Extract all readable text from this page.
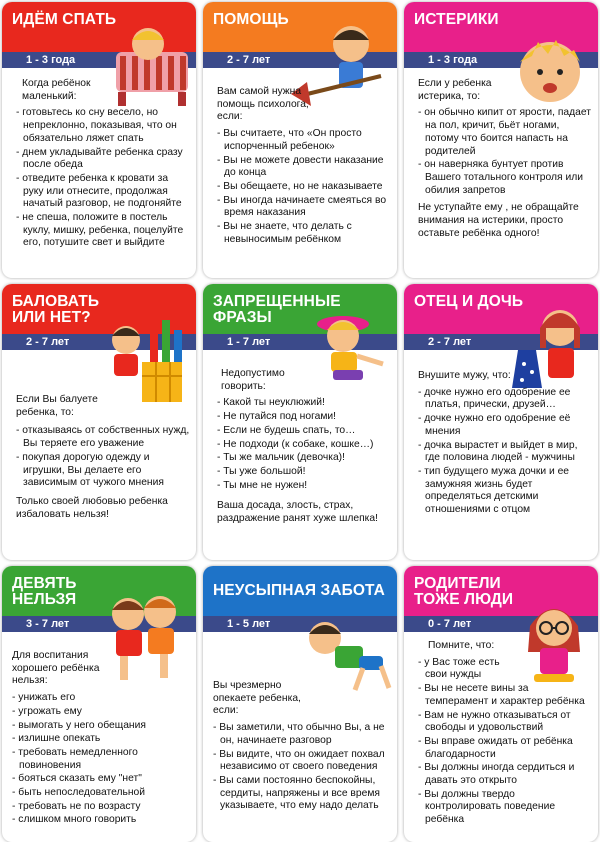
ИДЁМ СПАТЬ
1 - 3 года

Когда ребёнок маленький:

- готовьтесь ко сну весело, но непреклонно, показывая, что он обязательно ляжет спать
- днем укладывайте ребенка сразу после обеда
- отведите ребенка к кровати за руку или отнесите, продолжая начатый разговор, не подгоняйте
- не спеша, положите в постель куклу, мишку, ребенка, поцелуйте его, потушите свет и выйдите
ПОМОЩЬ
2 - 7 лет

Вам самой нужна помощь психолога, если:

- Вы считаете, что «Он просто испорченный ребенок»
- Вы не можете довести наказание до конца
- Вы обещаете, но не наказываете
- Вы иногда начинаете смеяться во время наказания
- Вы не знаете, что делать с невыносимым ребёнком
ИСТЕРИКИ
1 - 3 года

Если у ребенка истерика, то:

- он обычно кипит от ярости, падает на пол, кричит, бьёт ногами, потому что боится напасть на родителей
- он наверняка бунтует против Вашего тотального контроля или обилия запретов

Не уступайте ему , не обращайте внимания на истерики, просто оставьте ребёнка одного!

БАЛОВАТЬ ИЛИ НЕТ?
2 - 7 лет

Если Вы балуете ребенка, то:

- отказываясь от собственных нужд, Вы теряете его уважение
- покупая дорогую одежду и игрушки, Вы делаете его зависимым от чужого мнения

Только своей любовью ребенка избаловать нельзя!

ЗАПРЕЩЕННЫЕ ФРАЗЫ
1 - 7 лет

Недопустимо говорить:

- Какой ты неуклюжий!
- Не путайся под ногами!
- Если не будешь спать, то…
- Не подходи (к собаке, кошке…)
- Ты же мальчик (девочка)!
- Ты уже большой!
- Ты мне не нужен!

Ваша досада, злость, страх, раздражение ранят хуже шлепка!

ОТЕЦ И ДОЧЬ
2 - 7 лет

Внушите мужу, что:

- дочке нужно его одобрение ее платья, прически, друзей…
- дочке нужно его одобрение её мнения
- дочка вырастет и выйдет в мир, где половина людей - мужчины
- тип будущего мужа дочки и ее замужняя жизнь будет определяться детскими отношениями с отцом
ДЕВЯТЬ НЕЛЬЗЯ
3 - 7 лет

Для воспитания хорошего ребёнка нельзя:

- унижать его
- угрожать ему
- вымогать у него обещания
- излишне опекать
- требовать немедленного повиновения
- бояться сказать ему "нет"
- быть непоследовательной
- требовать не по возрасту
- слишком много говорить
НЕУСЫПНАЯ ЗАБОТА
1 - 5 лет

Вы чрезмерно опекаете ребенка, если:

- Вы заметили, что обычно Вы, а не он, начинаете разговор
- Вы видите, что он ожидает похвал независимо от своего поведения
- Вы сами постоянно беспокойны, сердиты, напряжены и все время указываете, что ему надо делать
РОДИТЕЛИ ТОЖЕ ЛЮДИ
0 - 7 лет

Помните, что:

- у Вас тоже есть свои нужды
- Вы не несете вины за темперамент и характер ребёнка
- Вам не нужно отказываться от свободы и удовольствий
- Вы вправе ожидать от ребёнка благодарности
- Вы должны иногда сердиться и давать это открыто
- Вы должны твердо контролировать поведение ребёнка
